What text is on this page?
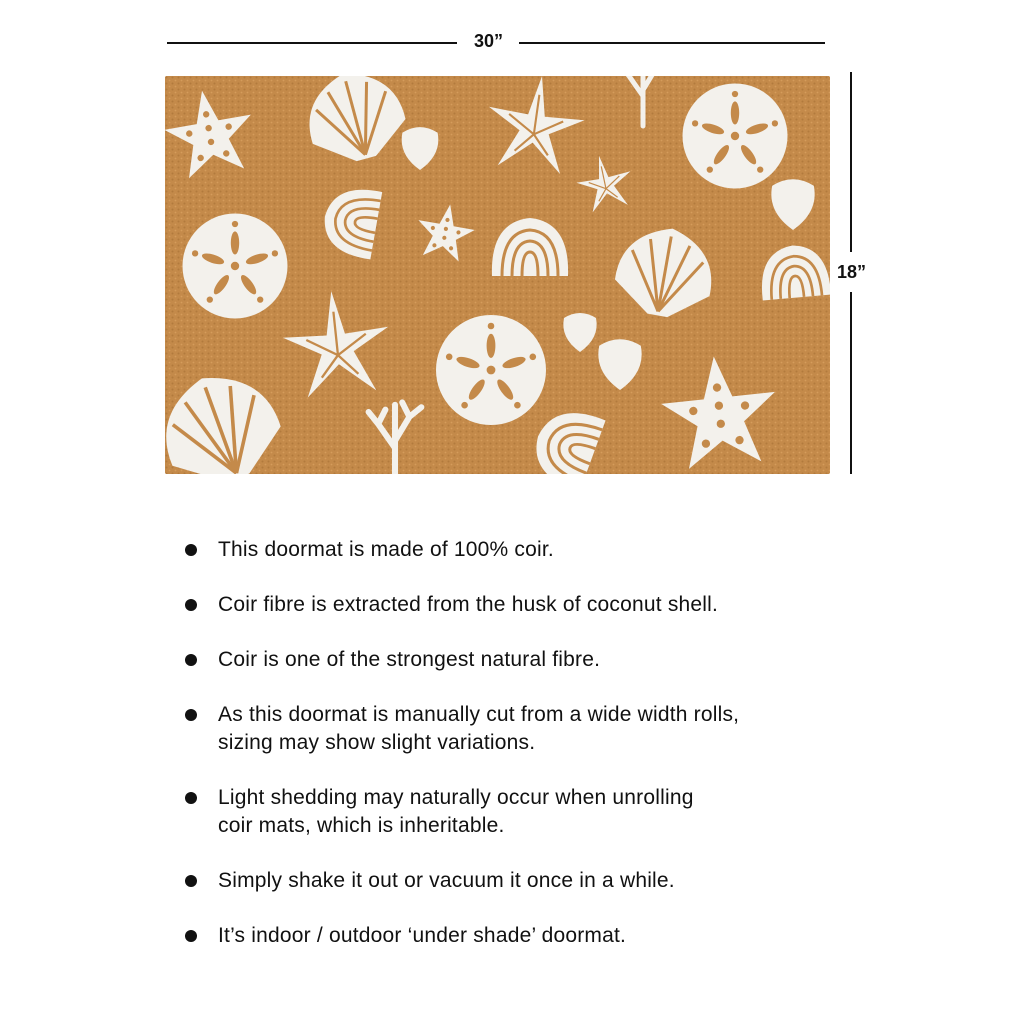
30”
18”
This doormat is made of 100% coir.
Coir fibre is extracted from the husk of coconut shell.
Coir is one of the strongest natural fibre.
As this doormat is manually cut from a wide width rolls,
sizing may show slight variations.
Light shedding may naturally occur when unrolling
coir mats, which is inheritable.
Simply shake it out or vacuum it once in a while.
It’s indoor / outdoor ‘under shade’ doormat.
